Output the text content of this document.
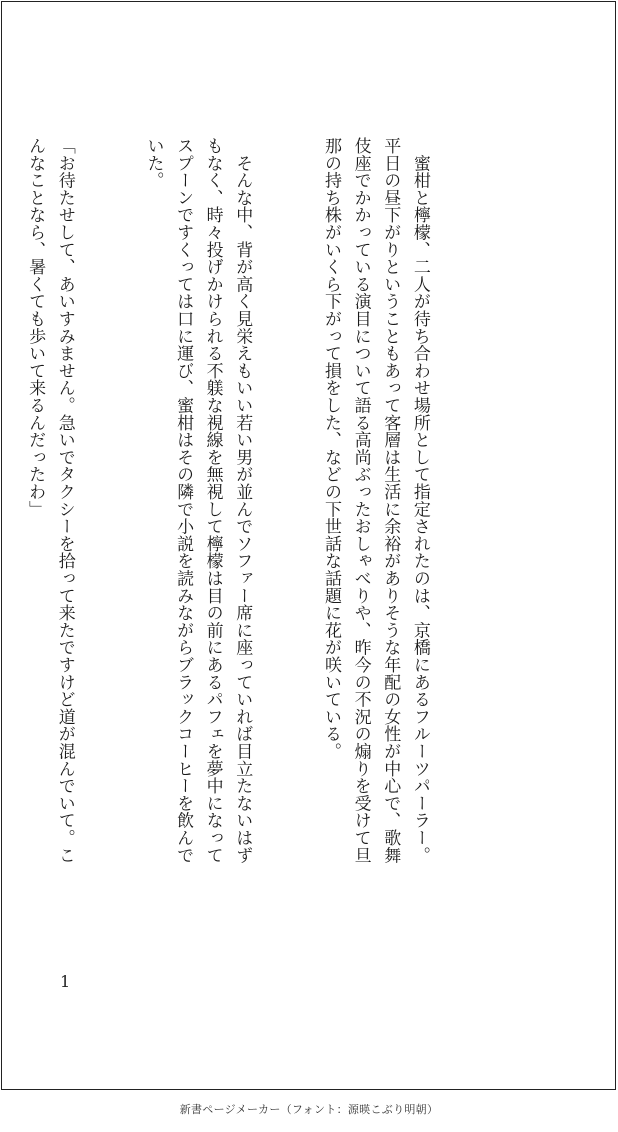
　蜜柑と檸檬、二人が待ち合わせ場所として指定されたのは、京橋にあるフルーツパーラー。
平日の昼下がりということもあって客層は生活に余裕がありそうな年配の女性が中心で、歌舞
伎座でかかっている演目について語る高尚ぶったおしゃべりや、昨今の不況の煽りを受けて旦
那の持ち株がいくら下がって損をした、などの下世話な話題に花が咲いている。

　そんな中、背が高く見栄えもいい若い男が並んでソファー席に座っていれば目立たないはず
もなく、時々投げかけられる不躾な視線を無視して檸檬は目の前にあるパフェを夢中になって
スプーンですくっては口に運び、蜜柑はその隣で小説を読みながらブラックコーヒーを飲んで
いた。

「お待たせして、あいすみません。急いでタクシーを拾って来たですけど道が混んでいて。こ
んなことなら、暑くても歩いて来るんだったわ」

1
新書ページメーカー（フォント：源暎こぶり明朝）
